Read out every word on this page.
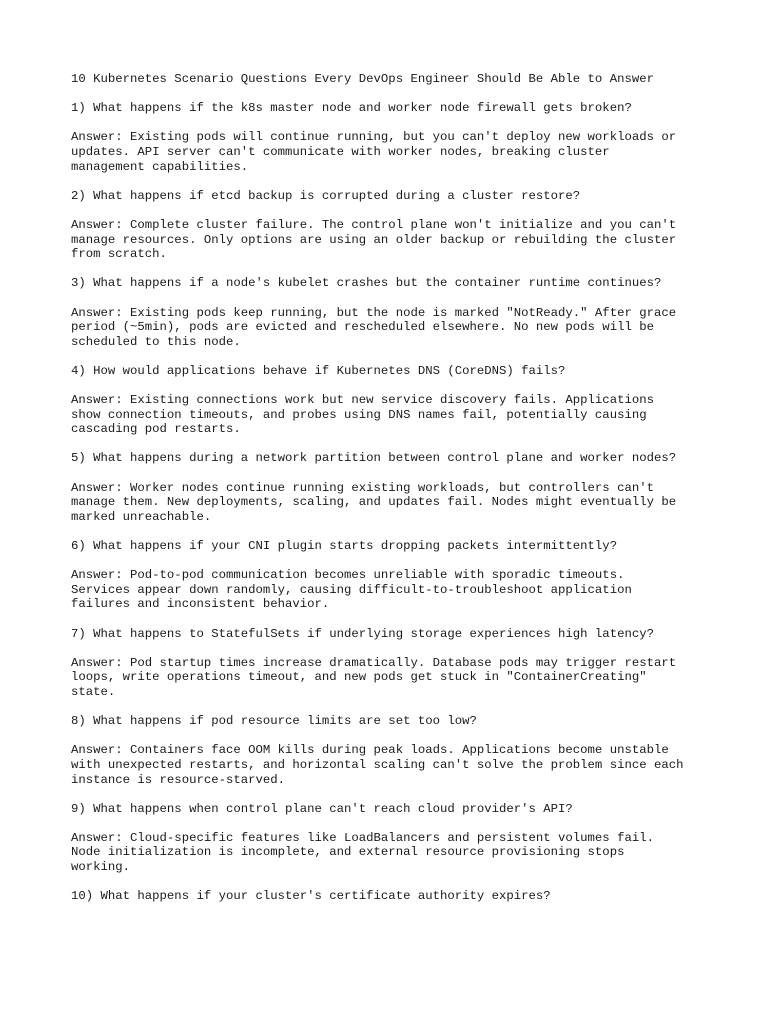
10 Kubernetes Scenario Questions Every DevOps Engineer Should Be Able to Answer

1) What happens if the k8s master node and worker node firewall gets broken?

Answer: Existing pods will continue running, but you can't deploy new workloads or

updates. API server can't communicate with worker nodes, breaking cluster

management capabilities.

2) What happens if etcd backup is corrupted during a cluster restore?

Answer: Complete cluster failure. The control plane won't initialize and you can't

manage resources. Only options are using an older backup or rebuilding the cluster

from scratch.

3) What happens if a node's kubelet crashes but the container runtime continues?

Answer: Existing pods keep running, but the node is marked "NotReady." After grace

period (~5min), pods are evicted and rescheduled elsewhere. No new pods will be

scheduled to this node.

4) How would applications behave if Kubernetes DNS (CoreDNS) fails?

Answer: Existing connections work but new service discovery fails. Applications

show connection timeouts, and probes using DNS names fail, potentially causing

cascading pod restarts.

5) What happens during a network partition between control plane and worker nodes?

Answer: Worker nodes continue running existing workloads, but controllers can't

manage them. New deployments, scaling, and updates fail. Nodes might eventually be

marked unreachable.

6) What happens if your CNI plugin starts dropping packets intermittently?

Answer: Pod-to-pod communication becomes unreliable with sporadic timeouts.

Services appear down randomly, causing difficult-to-troubleshoot application

failures and inconsistent behavior.

7) What happens to StatefulSets if underlying storage experiences high latency?

Answer: Pod startup times increase dramatically. Database pods may trigger restart

loops, write operations timeout, and new pods get stuck in "ContainerCreating"

state.

8) What happens if pod resource limits are set too low?

Answer: Containers face OOM kills during peak loads. Applications become unstable

with unexpected restarts, and horizontal scaling can't solve the problem since each

instance is resource-starved.

9) What happens when control plane can't reach cloud provider's API?

Answer: Cloud-specific features like LoadBalancers and persistent volumes fail.

Node initialization is incomplete, and external resource provisioning stops

working.

10) What happens if your cluster's certificate authority expires?
